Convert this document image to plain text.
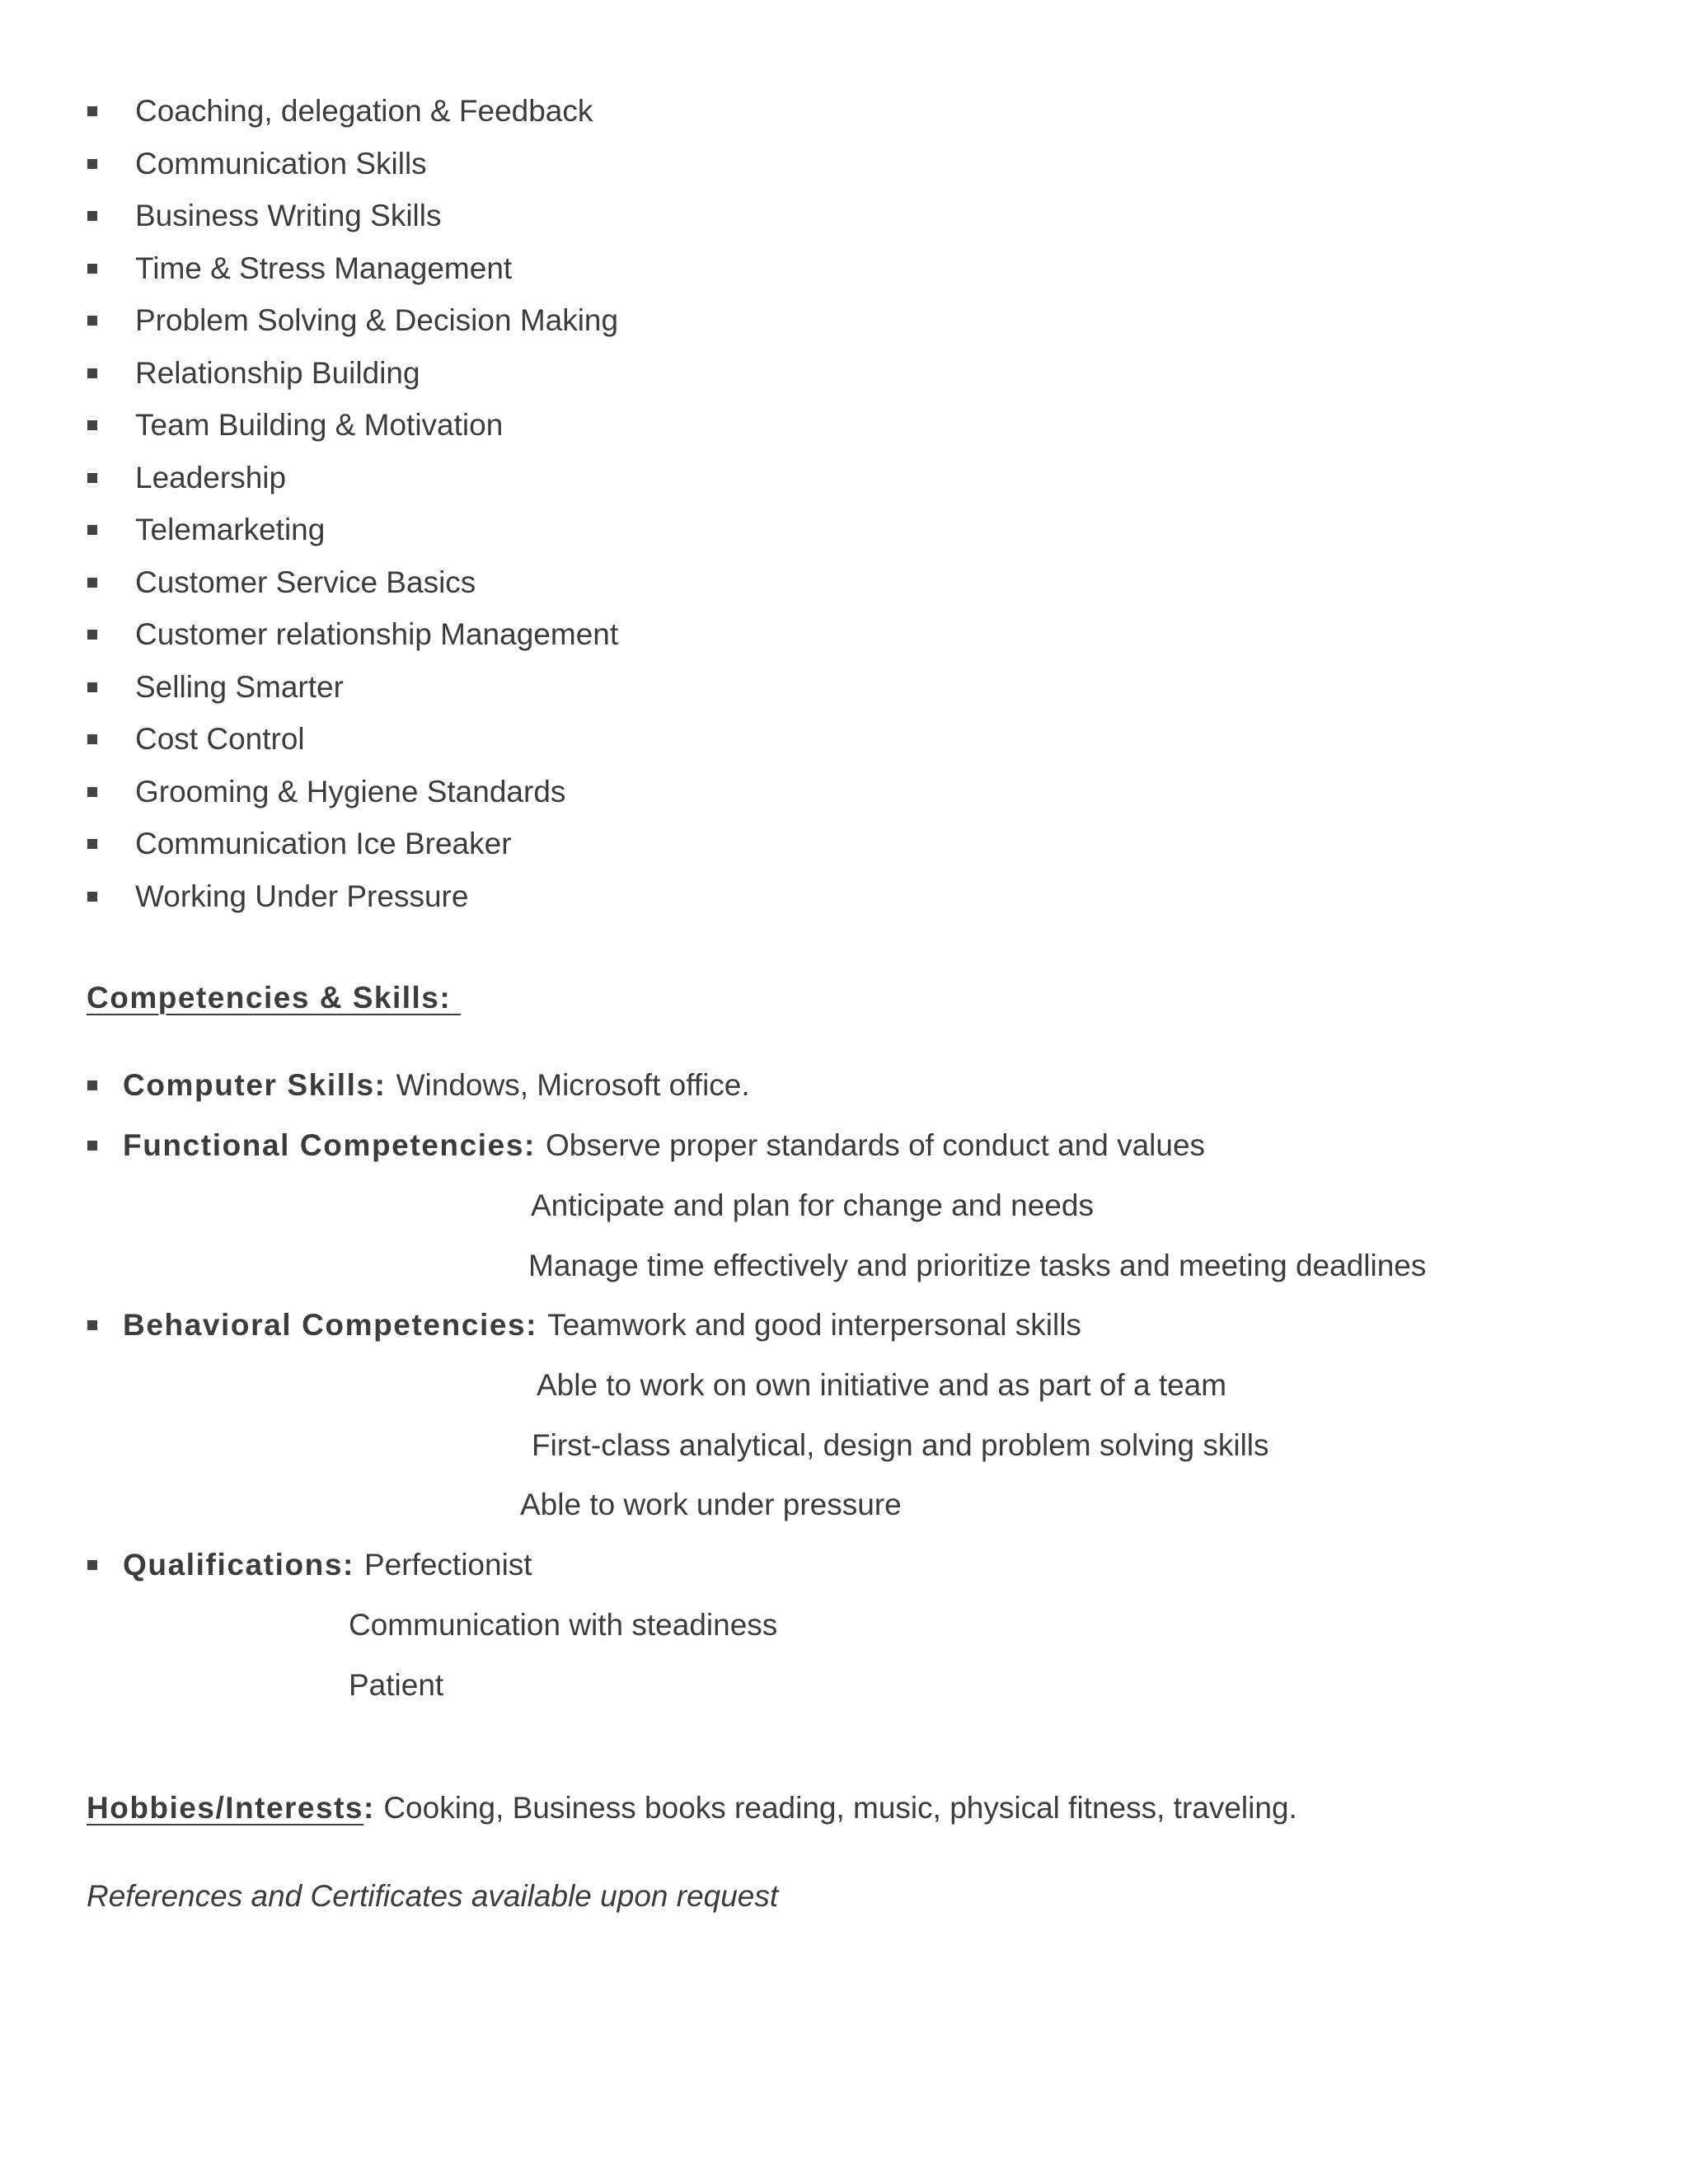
Coaching, delegation & Feedback
Communication Skills
Business Writing Skills
Time & Stress Management
Problem Solving & Decision Making
Relationship Building
Team Building & Motivation
Leadership
Telemarketing
Customer Service Basics
Customer relationship Management
Selling Smarter
Cost Control
Grooming & Hygiene Standards
Communication Ice Breaker
Working Under Pressure
Competencies & Skills:
Computer Skills: Windows, Microsoft office.
Functional Competencies: Observe proper standards of conduct and values
Anticipate and plan for change and needs
Manage time effectively and prioritize tasks and meeting deadlines
Behavioral Competencies: Teamwork and good interpersonal skills
Able to work on own initiative and as part of a team
First-class analytical, design and problem solving skills
Able to work under pressure
Qualifications: Perfectionist
Communication with steadiness
Patient
Hobbies/Interests: Cooking, Business books reading, music, physical fitness, traveling.
References and Certificates available upon request
